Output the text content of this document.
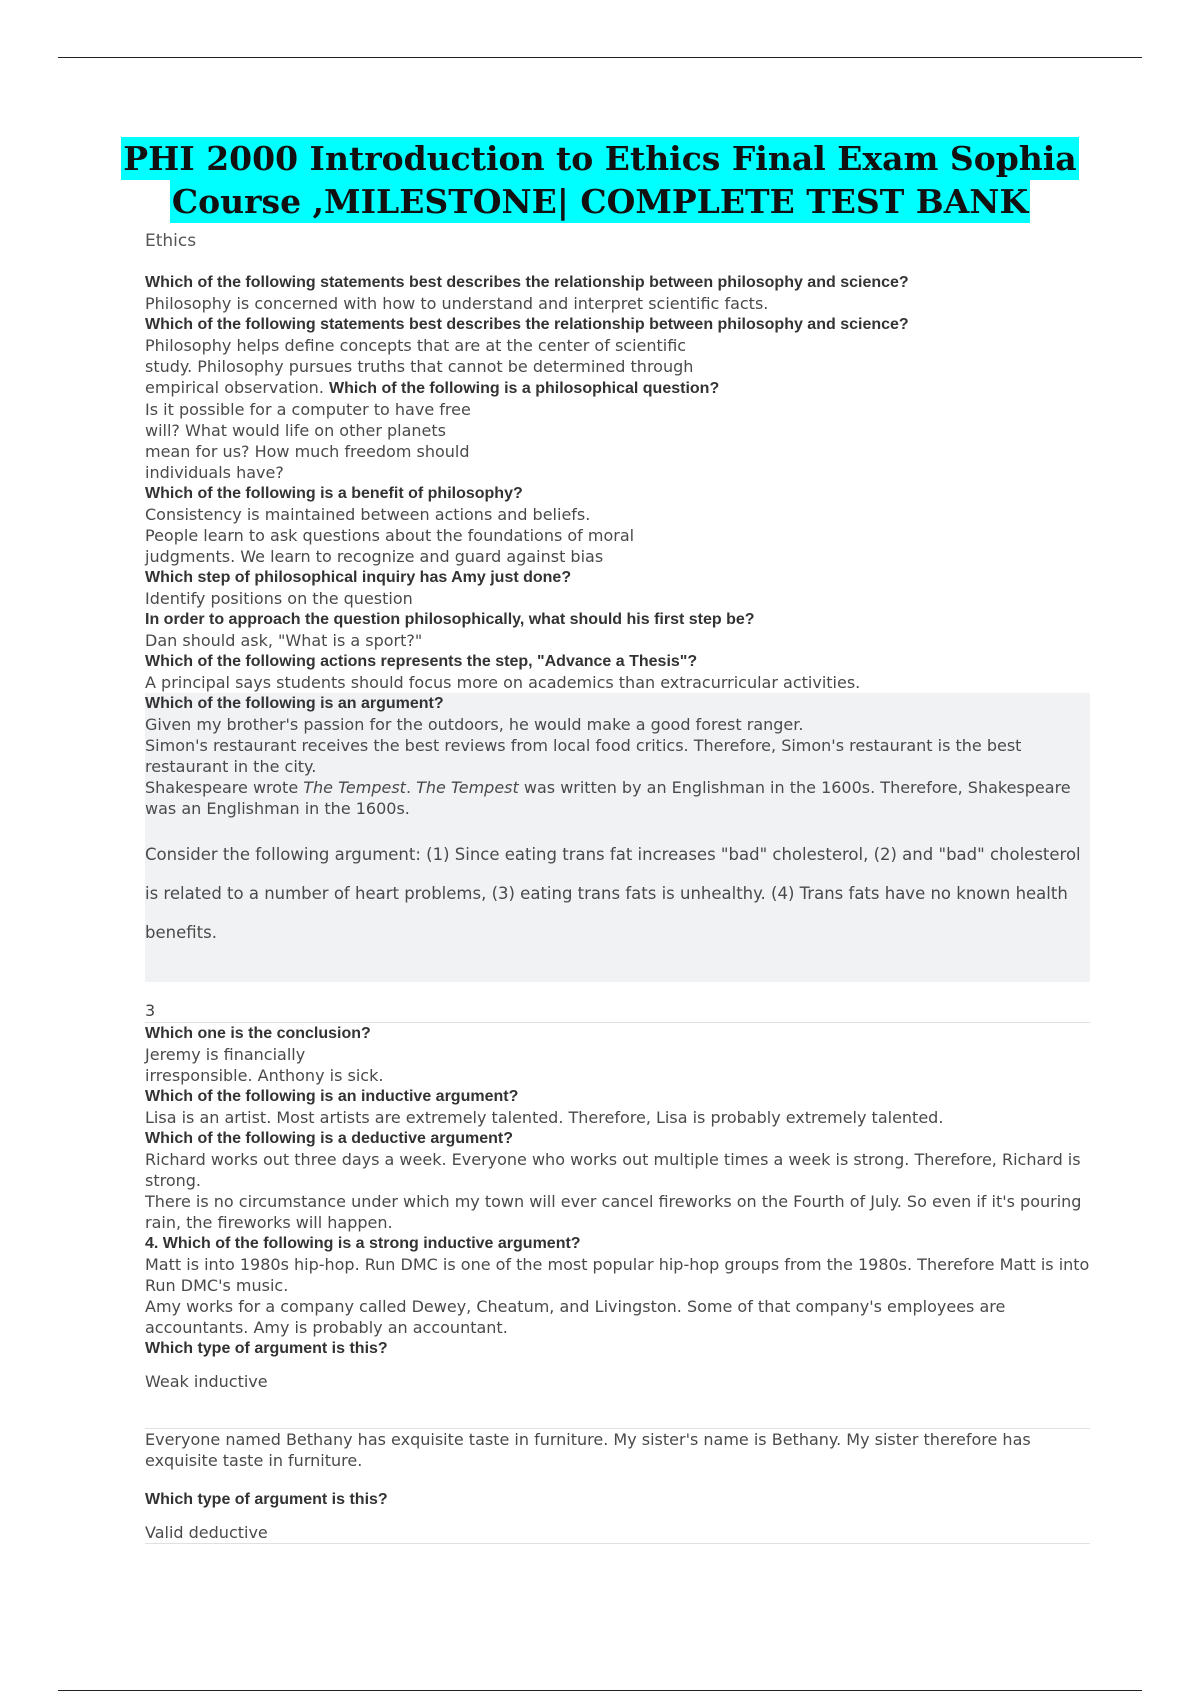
PHI 2000 Introduction to Ethics Final Exam Sophia
Course ,MILESTONE| COMPLETE TEST BANK
Ethics
Which of the following statements best describes the relationship between philosophy and science?
Philosophy is concerned with how to understand and interpret scientific facts.
Which of the following statements best describes the relationship between philosophy and science?
Philosophy helps define concepts that are at the center of scientific
study. Philosophy pursues truths that cannot be determined through
empirical observation. Which of the following is a philosophical question?
Is it possible for a computer to have free
will? What would life on other planets
mean for us? How much freedom should
individuals have?
Which of the following is a benefit of philosophy?
Consistency is maintained between actions and beliefs.
People learn to ask questions about the foundations of moral
judgments. We learn to recognize and guard against bias
Which step of philosophical inquiry has Amy just done?
Identify positions on the question
In order to approach the question philosophically, what should his first step be?
Dan should ask, "What is a sport?"
Which of the following actions represents the step, "Advance a Thesis"?
A principal says students should focus more on academics than extracurricular activities.
Which of the following is an argument?
Given my brother's passion for the outdoors, he would make a good forest ranger.
Simon's restaurant receives the best reviews from local food critics. Therefore, Simon's restaurant is the best restaurant in the city.
Shakespeare wrote The Tempest. The Tempest was written by an Englishman in the 1600s. Therefore, Shakespeare was an Englishman in the 1600s.
Consider the following argument: (1) Since eating trans fat increases "bad" cholesterol, (2) and "bad" cholesterol is related to a number of heart problems, (3) eating trans fats is unhealthy. (4) Trans fats have no known health benefits.
3
Which one is the conclusion?
Jeremy is financially
irresponsible. Anthony is sick.
Which of the following is an inductive argument?
Lisa is an artist. Most artists are extremely talented. Therefore, Lisa is probably extremely talented.
Which of the following is a deductive argument?
Richard works out three days a week. Everyone who works out multiple times a week is strong. Therefore, Richard is strong.
There is no circumstance under which my town will ever cancel fireworks on the Fourth of July. So even if it's pouring rain, the fireworks will happen.
4. Which of the following is a strong inductive argument?
Matt is into 1980s hip-hop. Run DMC is one of the most popular hip-hop groups from the 1980s. Therefore Matt is into Run DMC's music.
Amy works for a company called Dewey, Cheatum, and Livingston. Some of that company's employees are accountants. Amy is probably an accountant.
Which type of argument is this?
Weak inductive
Everyone named Bethany has exquisite taste in furniture. My sister's name is Bethany. My sister therefore has
exquisite taste in furniture.
Which type of argument is this?
Valid deductive
